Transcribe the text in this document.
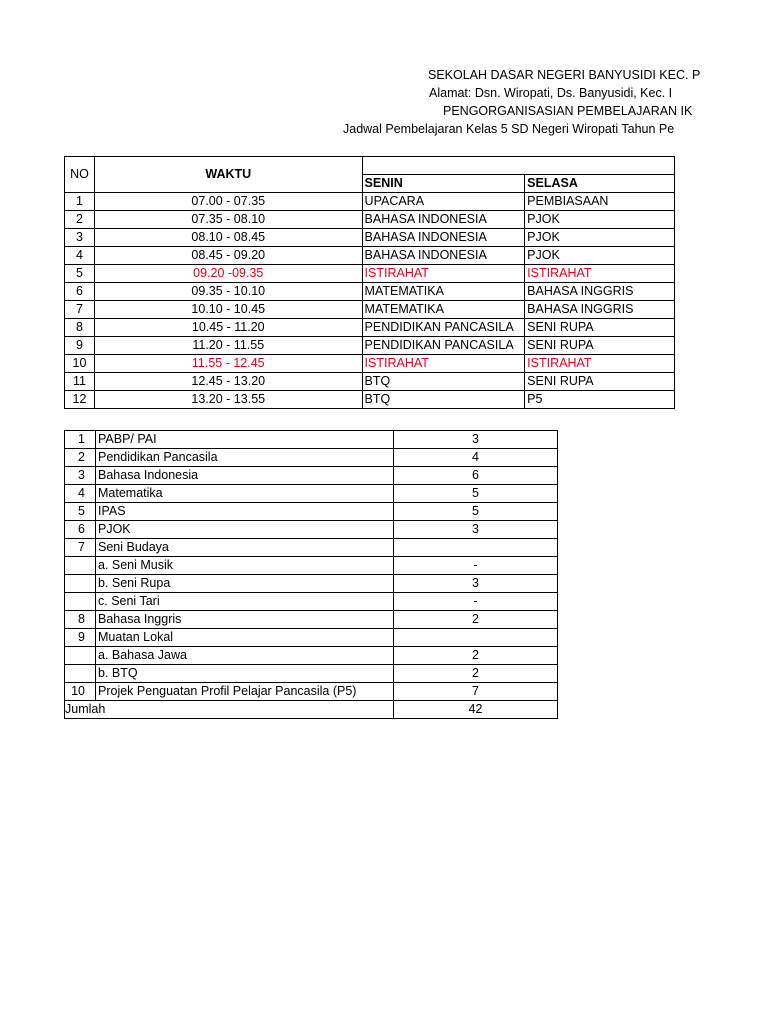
SEKOLAH DASAR NEGERI BANYUSIDI KEC. P
Alamat: Dsn. Wiropati, Ds. Banyusidi, Kec. I
PENGORGANISASIAN PEMBELAJARAN IK
Jadwal Pembelajaran Kelas 5 SD Negeri Wiropati Tahun Pe
NO	WAKTU		
		SENIN	SELASA
1	07.00 - 07.35	UPACARA	PEMBIASAAN
2	07.35 - 08.10	BAHASA INDONESIA	PJOK
3	08.10 - 08.45	BAHASA INDONESIA	PJOK
4	08.45 - 09.20	BAHASA INDONESIA	PJOK
5	09.20 -09.35	ISTIRAHAT	ISTIRAHAT
6	09.35 - 10.10	MATEMATIKA	BAHASA INGGRIS
7	10.10 - 10.45	MATEMATIKA	BAHASA INGGRIS
8	10.45 - 11.20	PENDIDIKAN PANCASILA	SENI RUPA
9	11.20 - 11.55	PENDIDIKAN PANCASILA	SENI RUPA
10	11.55 - 12.45	ISTIRAHAT	ISTIRAHAT
11	12.45 - 13.20	BTQ	SENI RUPA
12	13.20 - 13.55	BTQ	P5
1	PABP/ PAI	3
2	Pendidikan Pancasila	4
3	Bahasa Indonesia	6
4	Matematika	5
5	IPAS	5
6	PJOK	3
7	Seni Budaya	
	a. Seni Musik	-
	b. Seni Rupa	3
	c. Seni Tari	-
8	Bahasa Inggris	2
9	Muatan Lokal	
	a. Bahasa Jawa	2
	b. BTQ	2
10	Projek Penguatan Profil Pelajar Pancasila (P5)	7
Jumlah		42
